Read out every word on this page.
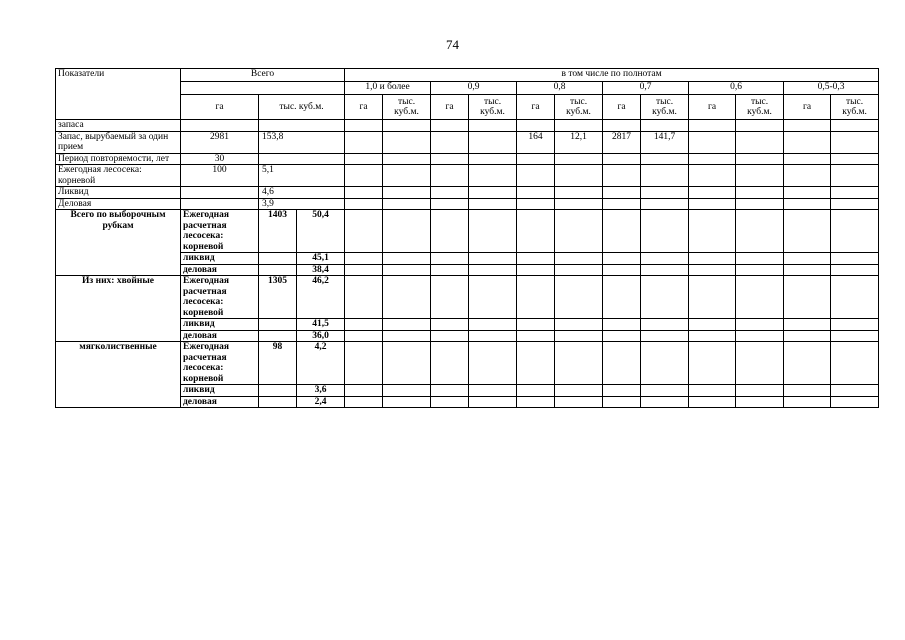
74
Показатели	Всего			в том числе по полнотам											
				1,0 и более		0,9		0,8		0,7		0,6		0,5-0,3	
	га	тыс. куб.м.		га	тыс. куб.м.	га	тыс. куб.м.	га	тыс. куб.м.	га	тыс. куб.м.	га	тыс. куб.м.	га	тыс. куб.м.
запаса															
Запас, вырубаемый за один прием	2981	153,8						164	12,1	2817	141,7				
Период повторяемости, лет	30														
Ежегодная лесосека: корневой	100	5,1													
Ликвид		4,6													
Деловая		3,9													
Всего по выборочным рубкам	Ежегодная расчетная лесосека: корневой	1403	50,4												
	ликвид		45,1												
	деловая		38,4												
Из них: хвойные	Ежегодная расчетная лесосека: корневой	1305	46,2												
	ликвид		41,5												
	деловая		36,0												
мягколиственные	Ежегодная расчетная лесосека: корневой	98	4,2												
	ликвид		3,6												
	деловая		2,4												
